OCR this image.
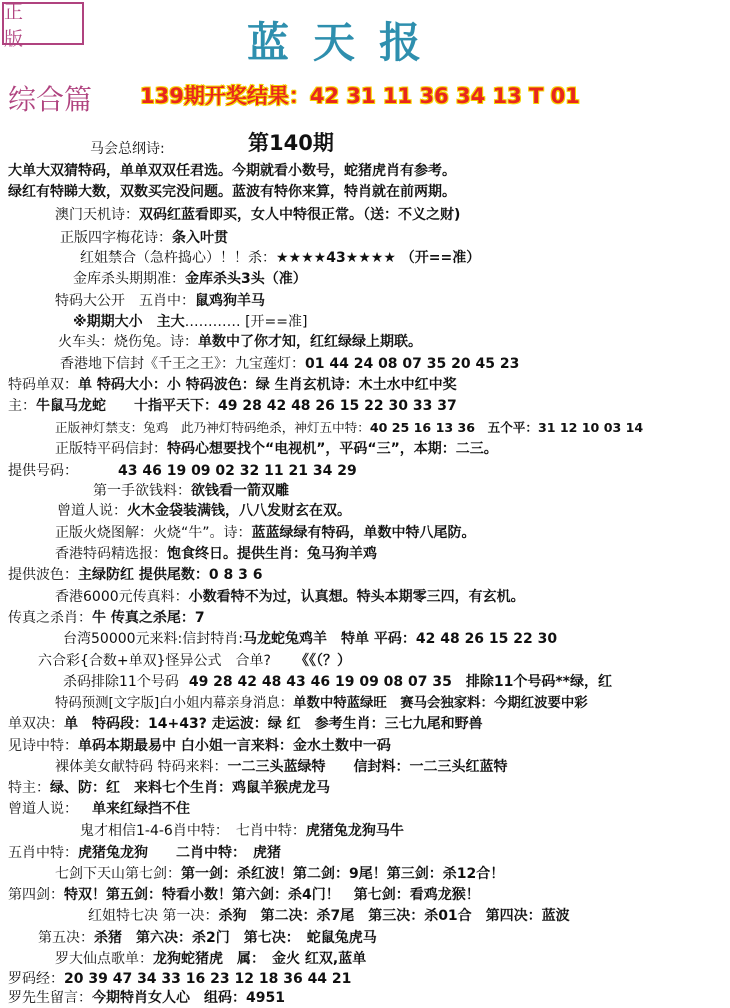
正 版	蓝天报
综合篇 139期开奖结果：42 31 11 36 34 13 T 01
第140期
马会总纲诗:
大单大双猜特码，单单双双任君选。今期就看小数号，蛇猪虎肖有参考。
绿红有特睇大数，双数买完没问题。蓝波有特你来算，特肖就在前两期。
澳门天机诗：双码红蓝看即买，女人中特很正常。（送：不义之财)
正版四字梅花诗：条入叶贯
红姐禁合（急杵捣心）！！杀：★★★★43★★★★ （开==准）
金库杀头期期准：金库杀头3头（准）
特码大公开　五肖中：鼠鸡狗羊马
※期期大小　主大………… [开==准]
火车头：烧伤兔。诗：单数中了你才知，红红绿绿上期联。
香港地下信封《千王之王》：九宝莲灯：01 44 24 08 07 35 20 45 23
特码单双：单 特码大小：小 特码波色：绿 生肖玄机诗：木土水中红中奖
主：牛鼠马龙蛇　　十指平天下：49 28 42 48 26 15 22 30 33 37
正版神灯禁支：兔鸡　此乃神灯特码绝杀，神灯五中特：40 25 16 13 36　五个平：31 12 10 03 14
正版特平码信封：特码心想要找个“电视机”，平码“三”，本期：二三。
提供号码：	43 46 19 09 02 32 11 21 34 29
第一手欲钱料：欲钱看一箭双雕
曾道人说：火木金袋装满钱，八八发财玄在双。
正版火烧图解：火烧“牛”。诗：蓝蓝绿绿有特码，单数中特八尾防。
香港特码精选报：饱食终日。提供生肖：兔马狗羊鸡
提供波色：主绿防红 提供尾数：0 8 3 6
香港6000元传真料：小数看特不为过，认真想。特头本期零三四，有玄机。
传真之杀肖：牛 传真之杀尾：7
台湾50000元来料:信封特肖:马龙蛇兔鸡羊　特单 平码：42 48 26 15 22 30
六合彩{合数+单双}怪异公式　合单? 《《（？）
杀码排除11个号码 49 28 42 48 43 46 19 09 08 07 35　排除11个号码**绿，红
特码预测[文字版]白小姐内幕亲身消息：单数中特蓝绿旺　赛马会独家料：今期红波要中彩
单双决：单　特码段：14+43? 走运波：绿 红　参考生肖：三七九尾和野兽
见诗中特：单码本期最易中 白小姐一言来料：金水土数中一码
裸体美女献特码 特码来料：一二三头蓝绿特　　信封料：一二三头红蓝特
特主：绿、防：红　来料七个生肖：鸡鼠羊猴虎龙马
曾道人说： 单来红绿挡不住
鬼才相信1-4-6肖中特：　七肖中特：虎猪兔龙狗马牛
五肖中特：虎猪兔龙狗　　二肖中特：　虎猪
七剑下天山第七剑：第一剑：杀红波！第二剑：9尾！第三剑：杀12合！
第四剑：特双！第五剑：特看小数！第六剑：杀4门！　第七剑：看鸡龙猴！
红姐特七决 第一决：杀狗　第二决：杀7尾　第三决：杀01合　第四决：蓝波
第五决：杀猪　第六决：杀2门　第七决：　蛇鼠兔虎马
罗大仙点歌单：龙狗蛇猪虎　属：　金火 红双,蓝单
罗码经：20 39 47 34 33 16 23 12 18 36 44 21
罗先生留言：今期特肖女人心　组码：4951
